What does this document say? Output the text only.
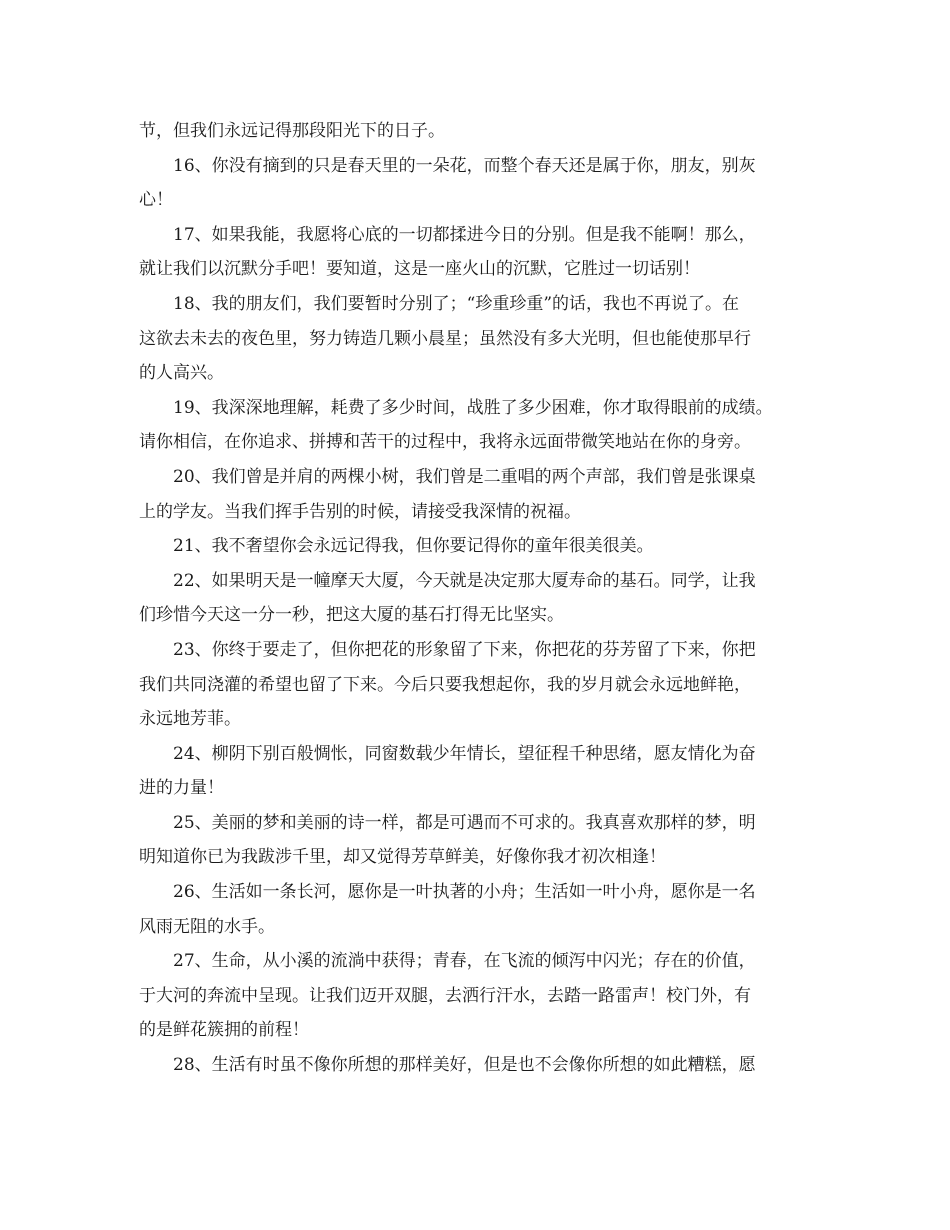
节，但我们永远记得那段阳光下的日子。
16、你没有摘到的只是春天里的一朵花，而整个春天还是属于你，朋友，别灰
心！
17、如果我能，我愿将心底的一切都揉进今日的分别。但是我不能啊！那么，
就让我们以沉默分手吧！要知道，这是一座火山的沉默，它胜过一切话别！
18、我的朋友们，我们要暂时分别了；“珍重珍重”的话，我也不再说了。在
这欲去未去的夜色里，努力铸造几颗小晨星；虽然没有多大光明，但也能使那早行
的人高兴。
19、我深深地理解，耗费了多少时间，战胜了多少困难，你才取得眼前的成绩。
请你相信，在你追求、拼搏和苦干的过程中，我将永远面带微笑地站在你的身旁。
20、我们曾是并肩的两棵小树，我们曾是二重唱的两个声部，我们曾是张课桌
上的学友。当我们挥手告别的时候，请接受我深情的祝福。
21、我不奢望你会永远记得我，但你要记得你的童年很美很美。
22、如果明天是一幢摩天大厦，今天就是决定那大厦寿命的基石。同学，让我
们珍惜今天这一分一秒，把这大厦的基石打得无比坚实。
23、你终于要走了，但你把花的形象留了下来，你把花的芬芳留了下来，你把
我们共同浇灌的希望也留了下来。今后只要我想起你，我的岁月就会永远地鲜艳，
永远地芳菲。
24、柳阴下别百般惆怅，同窗数载少年情长，望征程千种思绪，愿友情化为奋
进的力量！
25、美丽的梦和美丽的诗一样，都是可遇而不可求的。我真喜欢那样的梦，明
明知道你已为我跋涉千里，却又觉得芳草鲜美，好像你我才初次相逢！
26、生活如一条长河，愿你是一叶执著的小舟；生活如一叶小舟，愿你是一名
风雨无阻的水手。
27、生命，从小溪的流淌中获得；青春，在飞流的倾泻中闪光；存在的价值，
于大河的奔流中呈现。让我们迈开双腿，去洒行汗水，去踏一路雷声！校门外，有
的是鲜花簇拥的前程！
28、生活有时虽不像你所想的那样美好，但是也不会像你所想的如此糟糕，愿
